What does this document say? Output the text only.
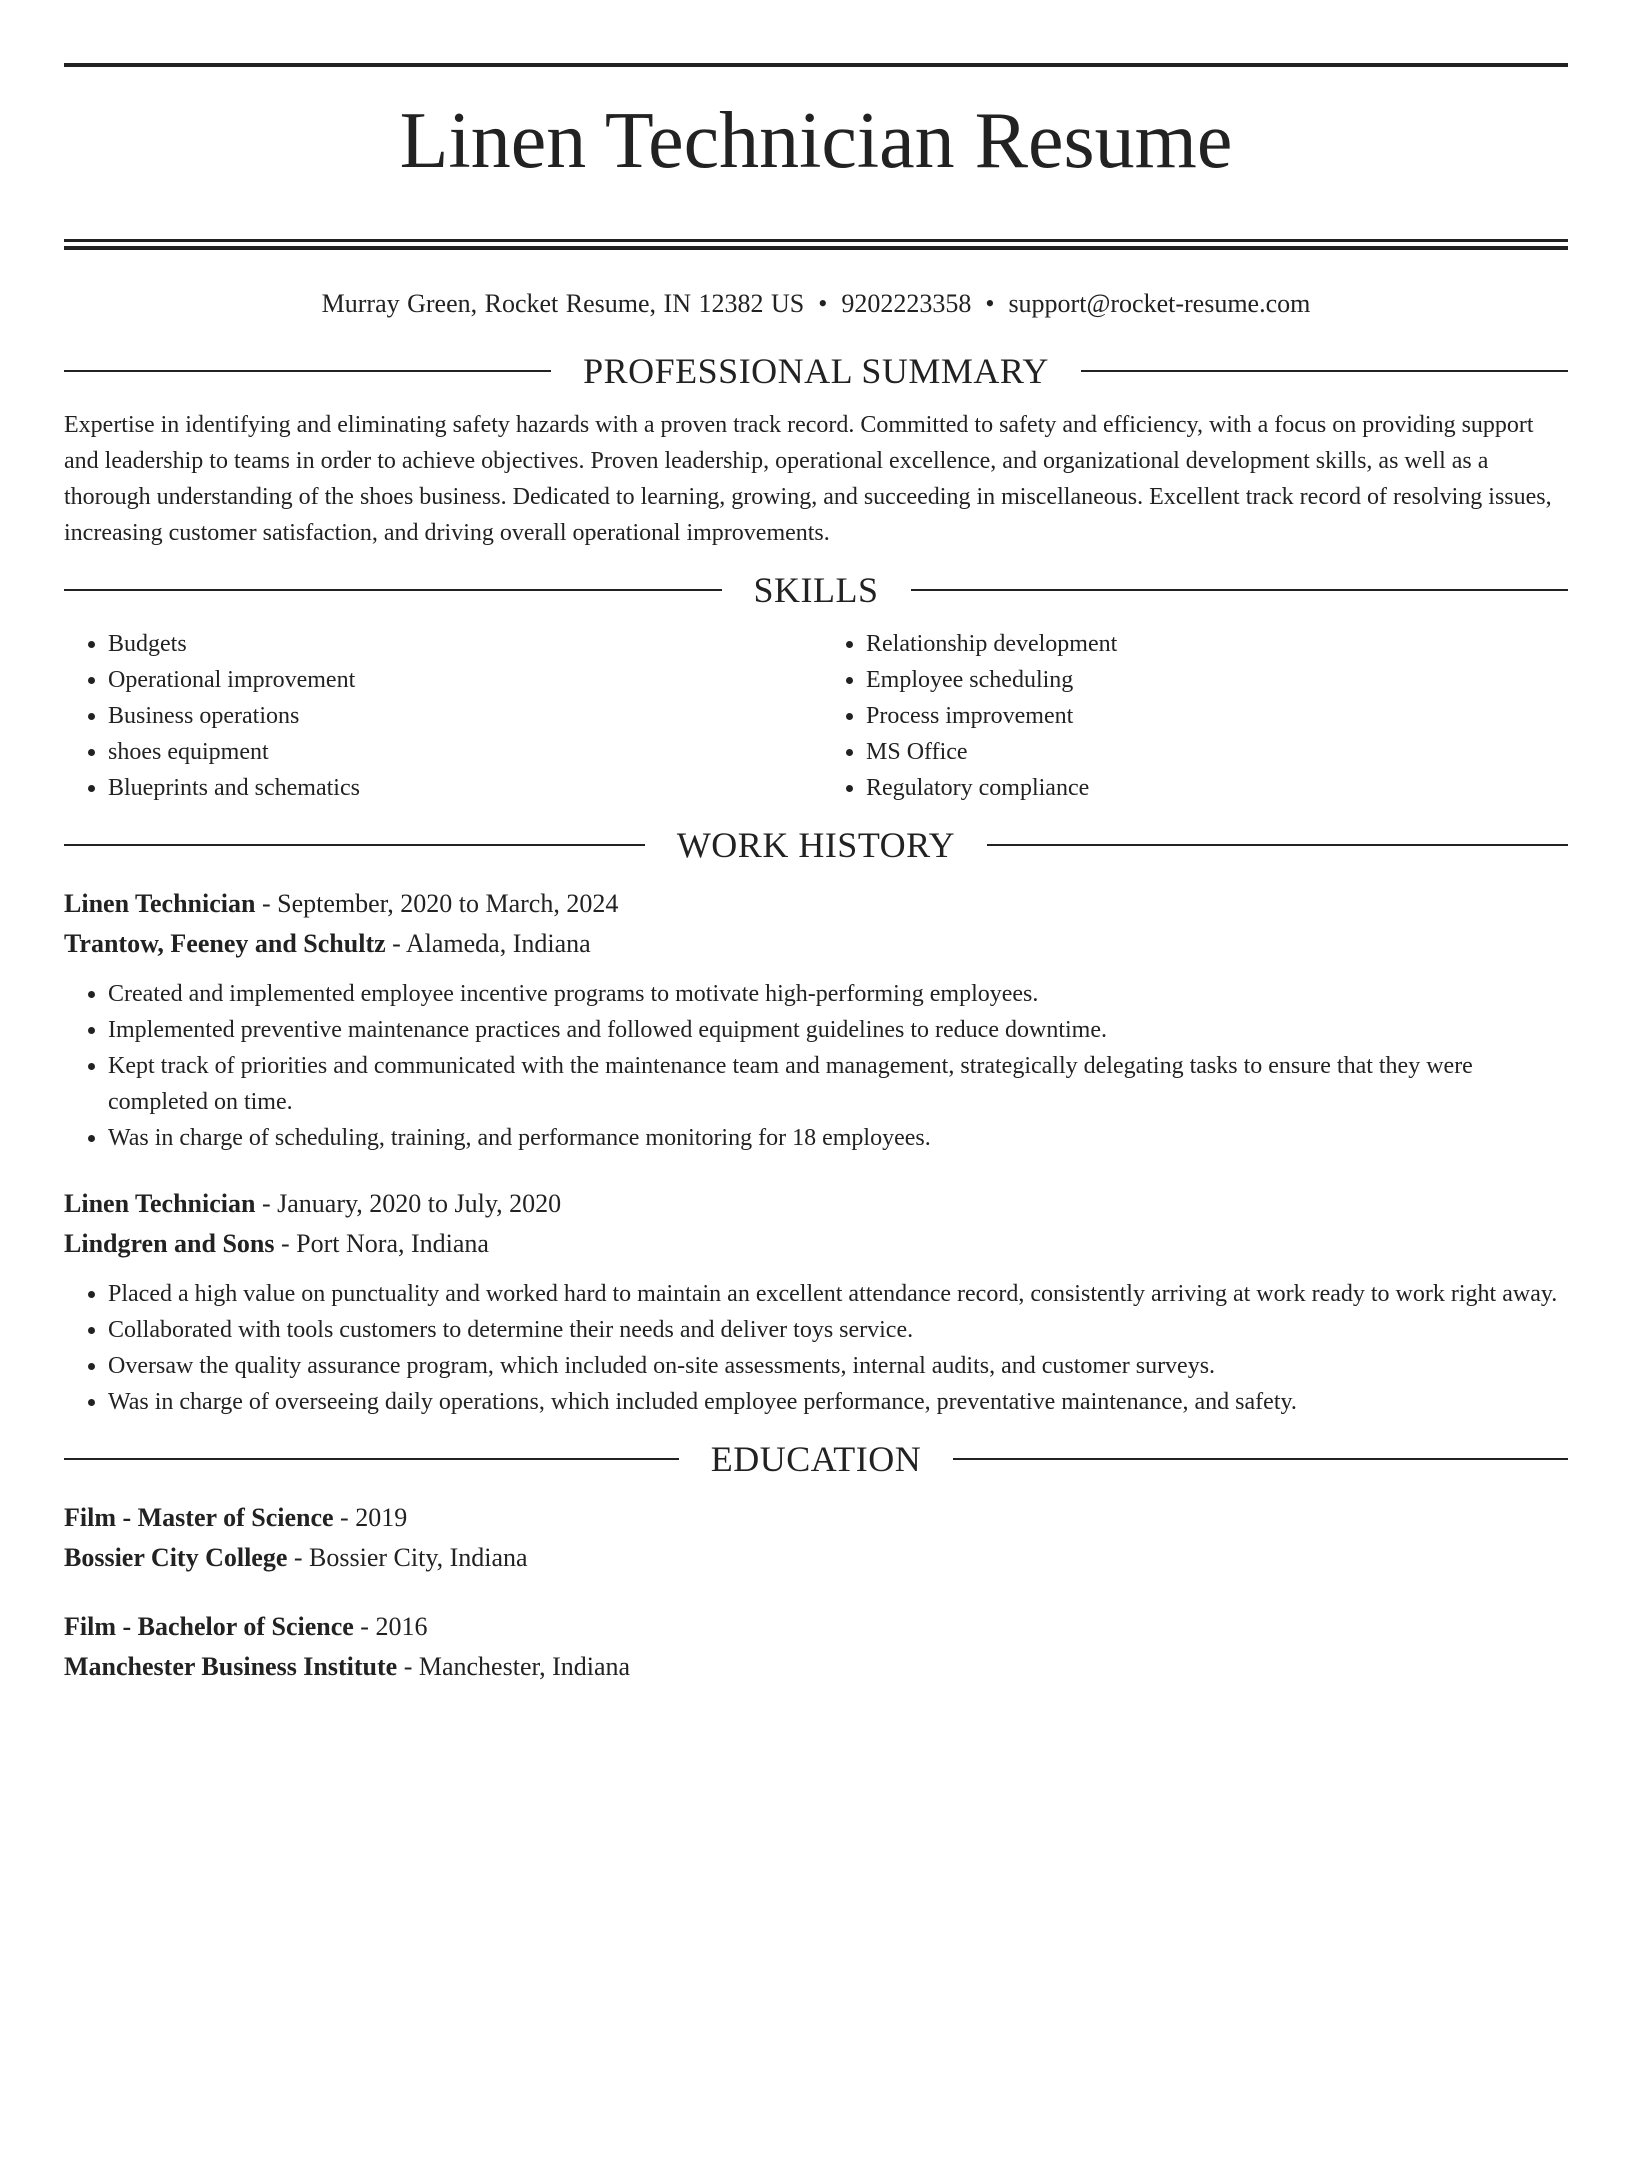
Linen Technician Resume
Murray Green, Rocket Resume, IN 12382 US • 9202223358 • support@rocket-resume.com
PROFESSIONAL SUMMARY

Expertise in identifying and eliminating safety hazards with a proven track record. Committed to safety and efficiency, with a focus on providing support and leadership to teams in order to achieve objectives. Proven leadership, operational excellence, and organizational development skills, as well as a thorough understanding of the shoes business. Dedicated to learning, growing, and succeeding in miscellaneous. Excellent track record of resolving issues, increasing customer satisfaction, and driving overall operational improvements.

SKILLS
• Budgets
• Operational improvement
• Business operations
• shoes equipment
• Blueprints and schematics
• Relationship development
• Employee scheduling
• Process improvement
• MS Office
• Regulatory compliance
WORK HISTORY

Linen Technician - September, 2020 to March, 2024

Trantow, Feeney and Schultz - Alameda, Indiana

• Created and implemented employee incentive programs to motivate high-performing employees.
• Implemented preventive maintenance practices and followed equipment guidelines to reduce downtime.
• Kept track of priorities and communicated with the maintenance team and management, strategically delegating tasks to ensure that they were completed on time.
• Was in charge of scheduling, training, and performance monitoring for 18 employees.

Linen Technician - January, 2020 to July, 2020

Lindgren and Sons - Port Nora, Indiana

• Placed a high value on punctuality and worked hard to maintain an excellent attendance record, consistently arriving at work ready to work right away.
• Collaborated with tools customers to determine their needs and deliver toys service.
• Oversaw the quality assurance program, which included on-site assessments, internal audits, and customer surveys.
• Was in charge of overseeing daily operations, which included employee performance, preventative maintenance, and safety.
EDUCATION

Film - Master of Science - 2019

Bossier City College - Bossier City, Indiana

Film - Bachelor of Science - 2016

Manchester Business Institute - Manchester, Indiana
